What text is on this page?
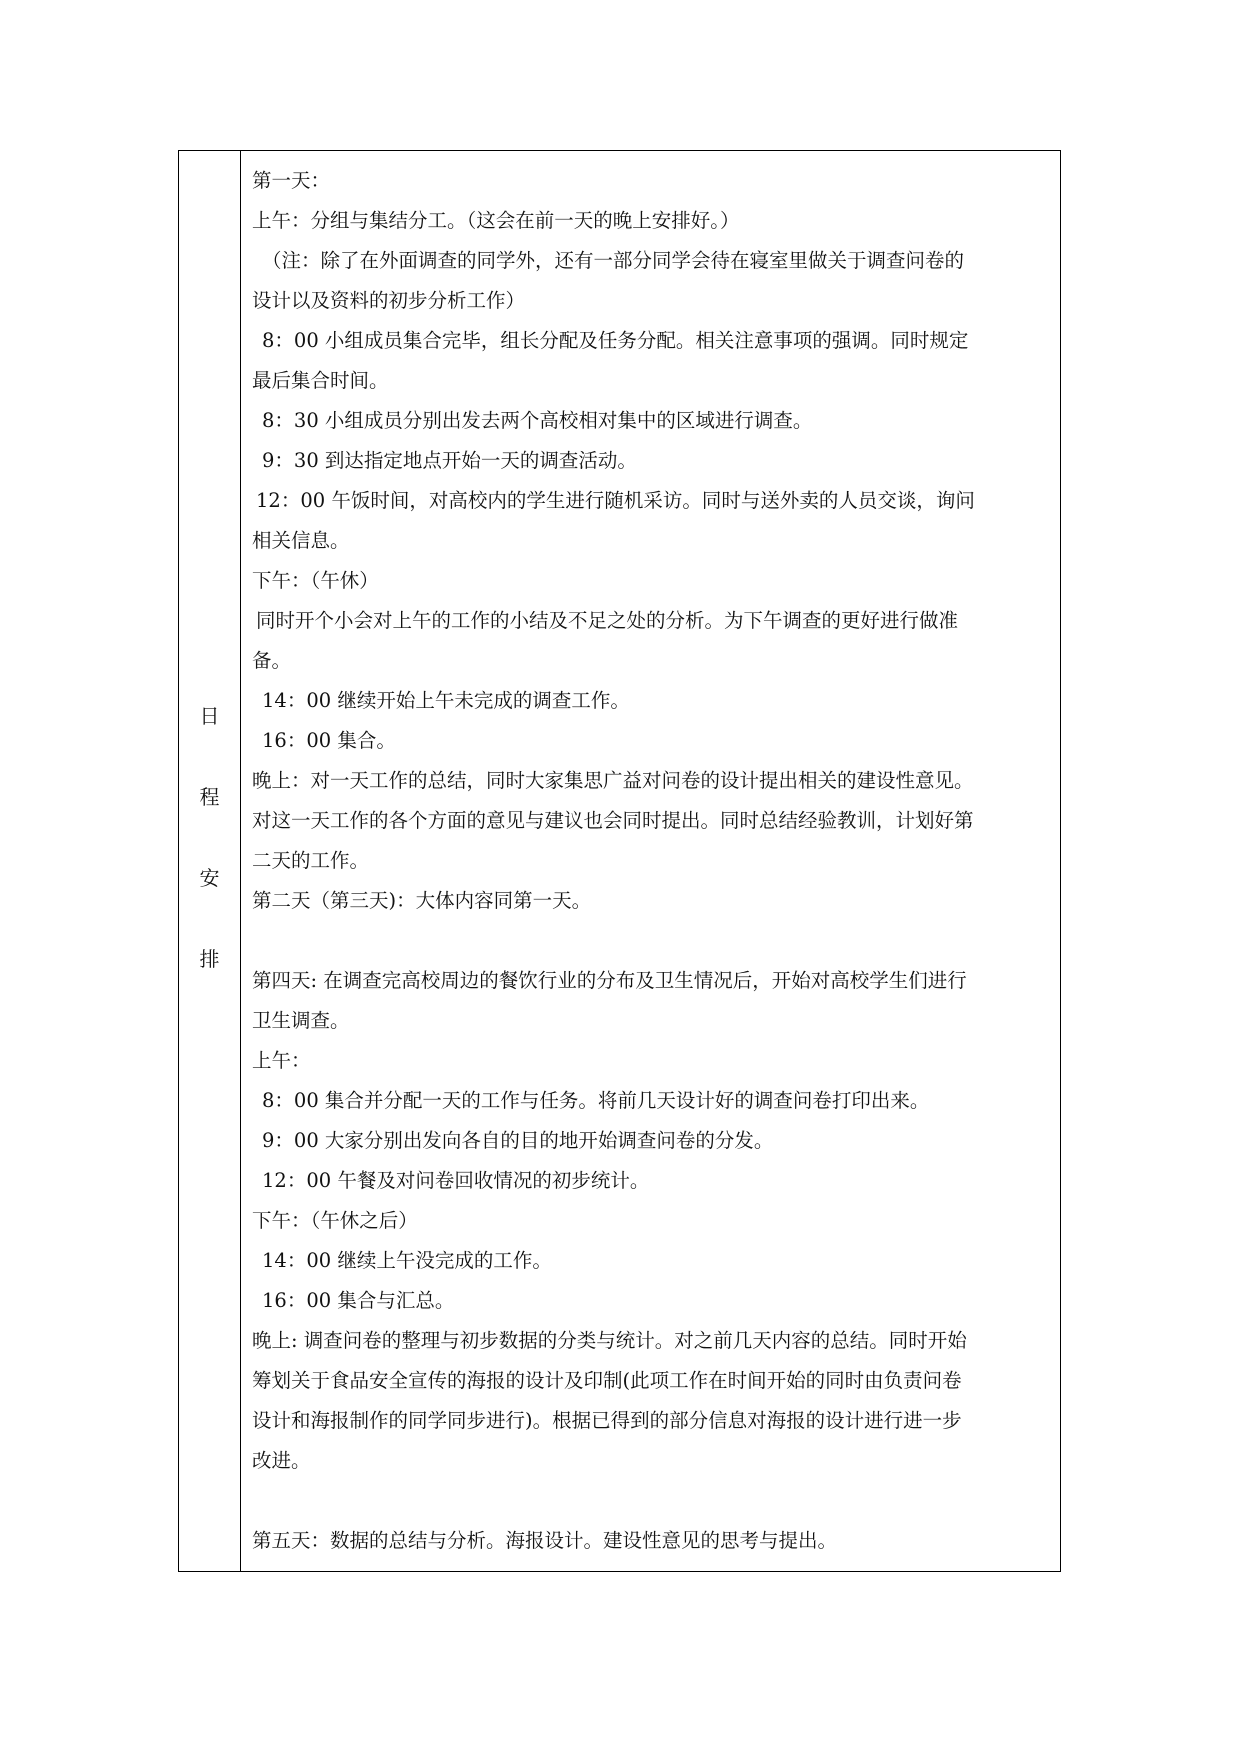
日
程
安
排

第一天：

上午：分组与集结分工。（这会在前一天的晚上安排好。）

（注：除了在外面调查的同学外，还有一部分同学会待在寝室里做关于调查问卷的

设计以及资料的初步分析工作）

8：00 小组成员集合完毕，组长分配及任务分配。相关注意事项的强调。同时规定

最后集合时间。

8：30 小组成员分别出发去两个高校相对集中的区域进行调查。

9：30 到达指定地点开始一天的调查活动。

12：00 午饭时间，对高校内的学生进行随机采访。同时与送外卖的人员交谈，询问

相关信息。

下午：（午休）

同时开个小会对上午的工作的小结及不足之处的分析。为下午调查的更好进行做准

备。

14：00 继续开始上午未完成的调查工作。

16：00 集合。

晚上：对一天工作的总结，同时大家集思广益对问卷的设计提出相关的建设性意见。

对这一天工作的各个方面的意见与建议也会同时提出。同时总结经验教训，计划好第

二天的工作。

第二天（第三天)：大体内容同第一天。

第四天: 在调查完高校周边的餐饮行业的分布及卫生情况后，开始对高校学生们进行

卫生调查。

上午：

8：00 集合并分配一天的工作与任务。将前几天设计好的调查问卷打印出来。

9：00 大家分别出发向各自的目的地开始调查问卷的分发。

12：00 午餐及对问卷回收情况的初步统计。

下午：（午休之后）

14：00 继续上午没完成的工作。

16：00 集合与汇总。

晚上: 调查问卷的整理与初步数据的分类与统计。对之前几天内容的总结。同时开始

筹划关于食品安全宣传的海报的设计及印制(此项工作在时间开始的同时由负责问卷

设计和海报制作的同学同步进行)。根据已得到的部分信息对海报的设计进行进一步

改进。

第五天：数据的总结与分析。海报设计。建设性意见的思考与提出。
